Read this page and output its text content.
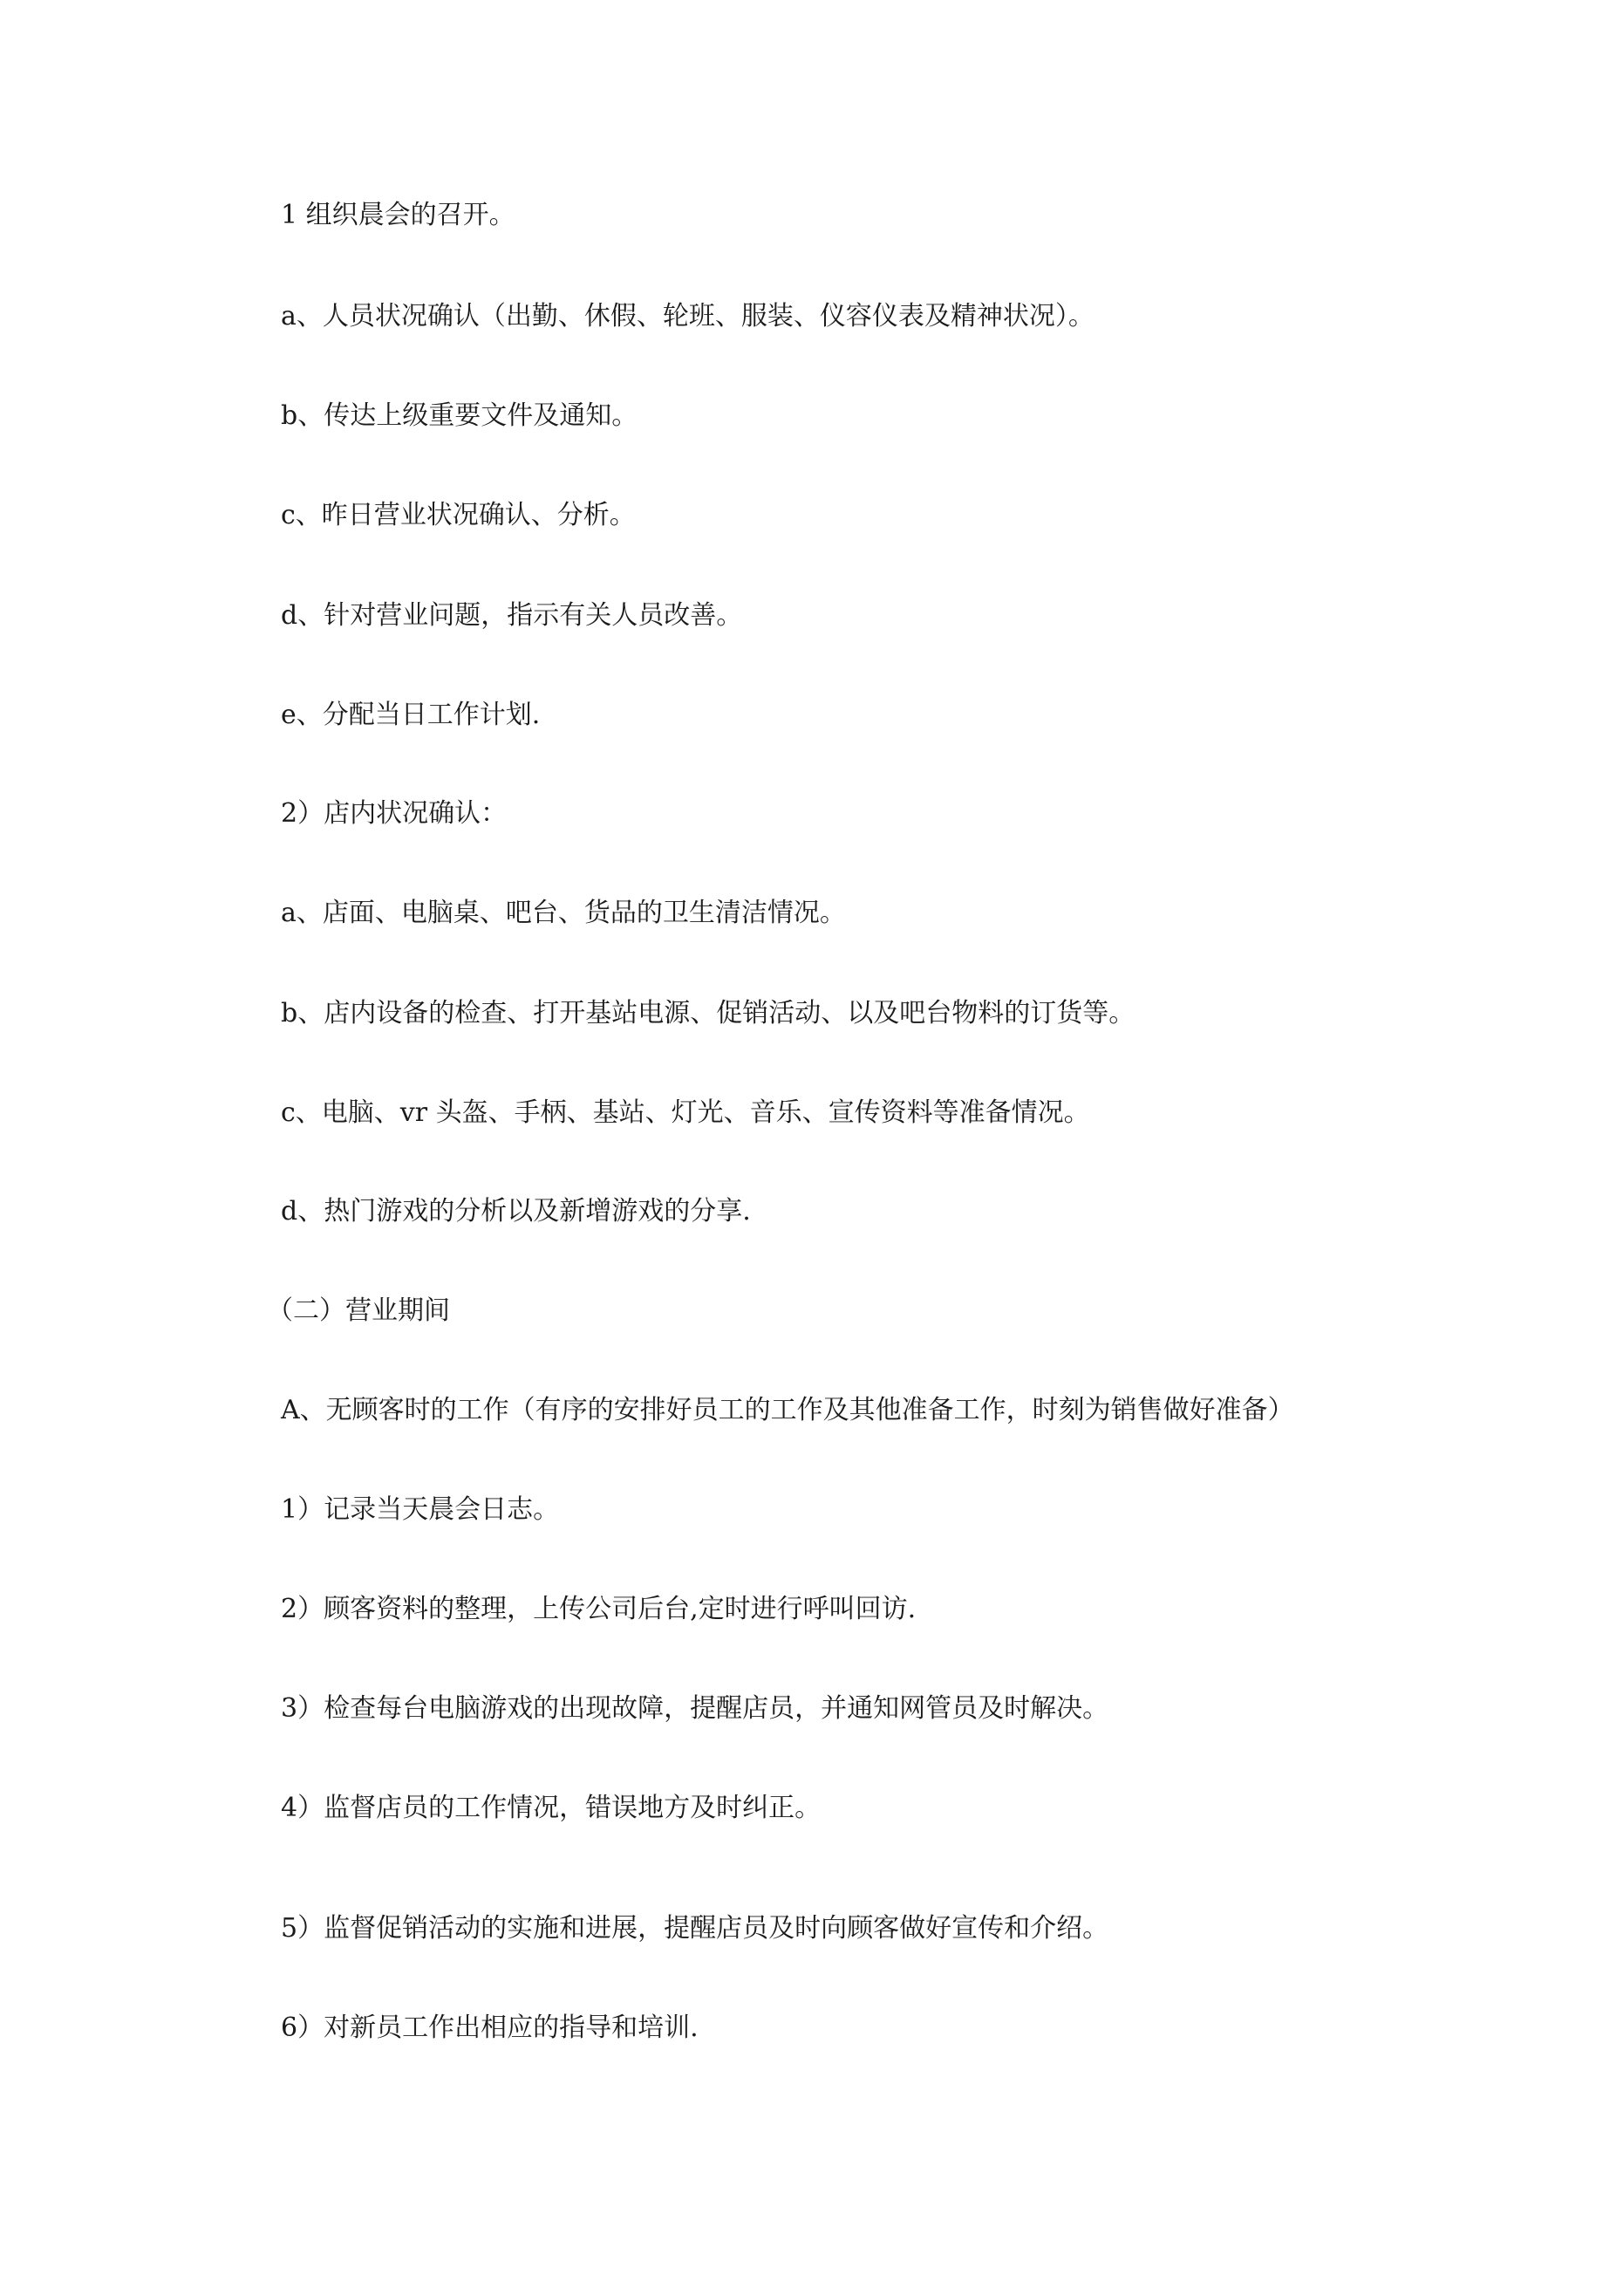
1 组织晨会的召开。

a、人员状况确认（出勤、休假、轮班、服装、仪容仪表及精神状况）。

b、传达上级重要文件及通知。

c、昨日营业状况确认、分析。

d、针对营业问题，指示有关人员改善。

e、分配当日工作计划.

2）店内状况确认：

a、店面、电脑桌、吧台、货品的卫生清洁情况。

b、店内设备的检查、打开基站电源、促销活动、以及吧台物料的订货等。

c、电脑、vr 头盔、手柄、基站、灯光、音乐、宣传资料等准备情况。

d、热门游戏的分析以及新增游戏的分享.

（二）营业期间

A、无顾客时的工作（有序的安排好员工的工作及其他准备工作，时刻为销售做好准备）

1）记录当天晨会日志。

2）顾客资料的整理，上传公司后台,定时进行呼叫回访.

3）检查每台电脑游戏的出现故障，提醒店员，并通知网管员及时解决。

4）监督店员的工作情况，错误地方及时纠正。

5）监督促销活动的实施和进展，提醒店员及时向顾客做好宣传和介绍。

6）对新员工作出相应的指导和培训.
